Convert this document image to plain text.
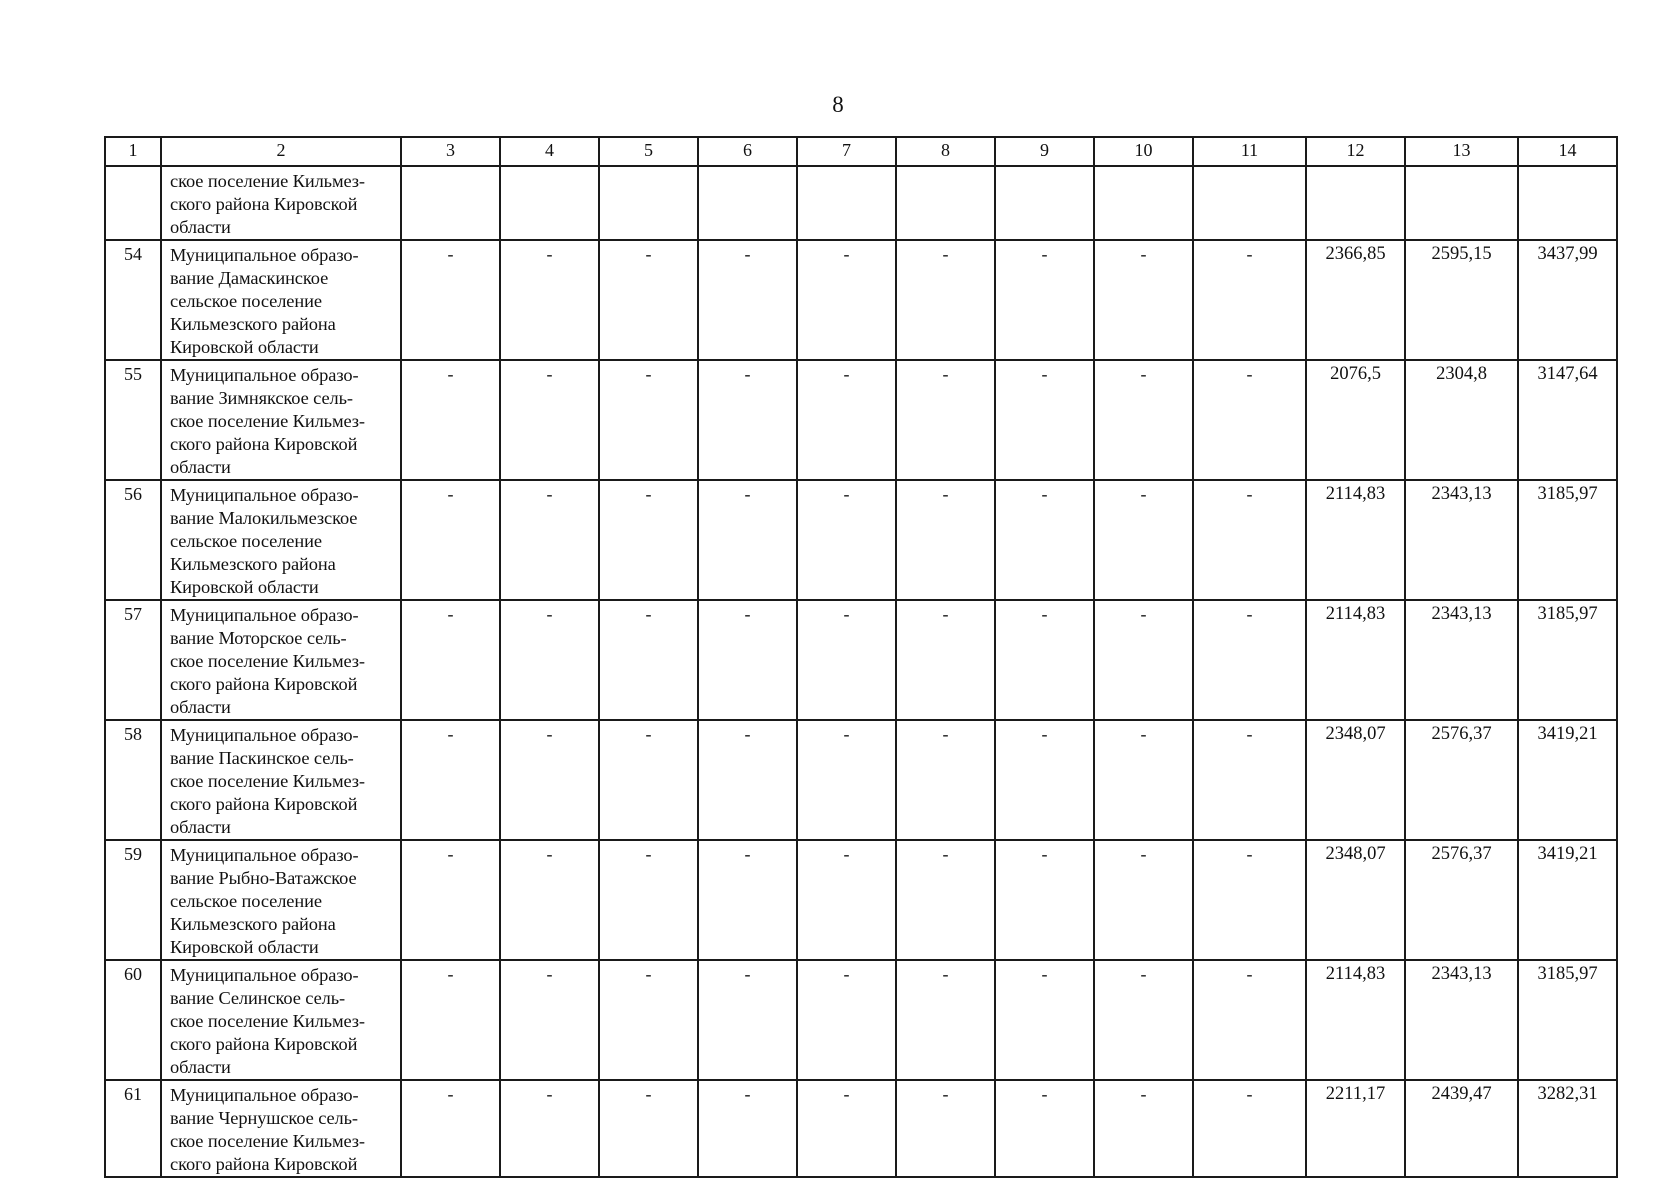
8
1	2	3	4	5	6	7	8	9	10	11	12	13	14

	ское поселение Кильмез-
ского района Кировской
области												

54	Муниципальное образо-
вание Дамаскинское
сельское поселение
Кильмезского района
Кировской области	-	-	-	-	-	-	-	-	-	2366,85	2595,15	3437,99
55	Муниципальное образо-
вание Зимнякское сель-
ское поселение Кильмез-
ского района Кировской
области	-	-	-	-	-	-	-	-	-	2076,5	2304,8	3147,64
56	Муниципальное образо-
вание Малокильмезское
сельское поселение
Кильмезского района
Кировской области	-	-	-	-	-	-	-	-	-	2114,83	2343,13	3185,97
57	Муниципальное образо-
вание Моторское сель-
ское поселение Кильмез-
ского района Кировской
области	-	-	-	-	-	-	-	-	-	2114,83	2343,13	3185,97
58	Муниципальное образо-
вание Паскинское сель-
ское поселение Кильмез-
ского района Кировской
области	-	-	-	-	-	-	-	-	-	2348,07	2576,37	3419,21
59	Муниципальное образо-
вание Рыбно-Ватажское
сельское поселение
Кильмезского района
Кировской области	-	-	-	-	-	-	-	-	-	2348,07	2576,37	3419,21
60	Муниципальное образо-
вание Селинское сель-
ское поселение Кильмез-
ского района Кировской
области	-	-	-	-	-	-	-	-	-	2114,83	2343,13	3185,97
61	Муниципальное образо-
вание Чернушское сель-
ское поселение Кильмез-
ского района Кировской	-	-	-	-	-	-	-	-	-	2211,17	2439,47	3282,31
